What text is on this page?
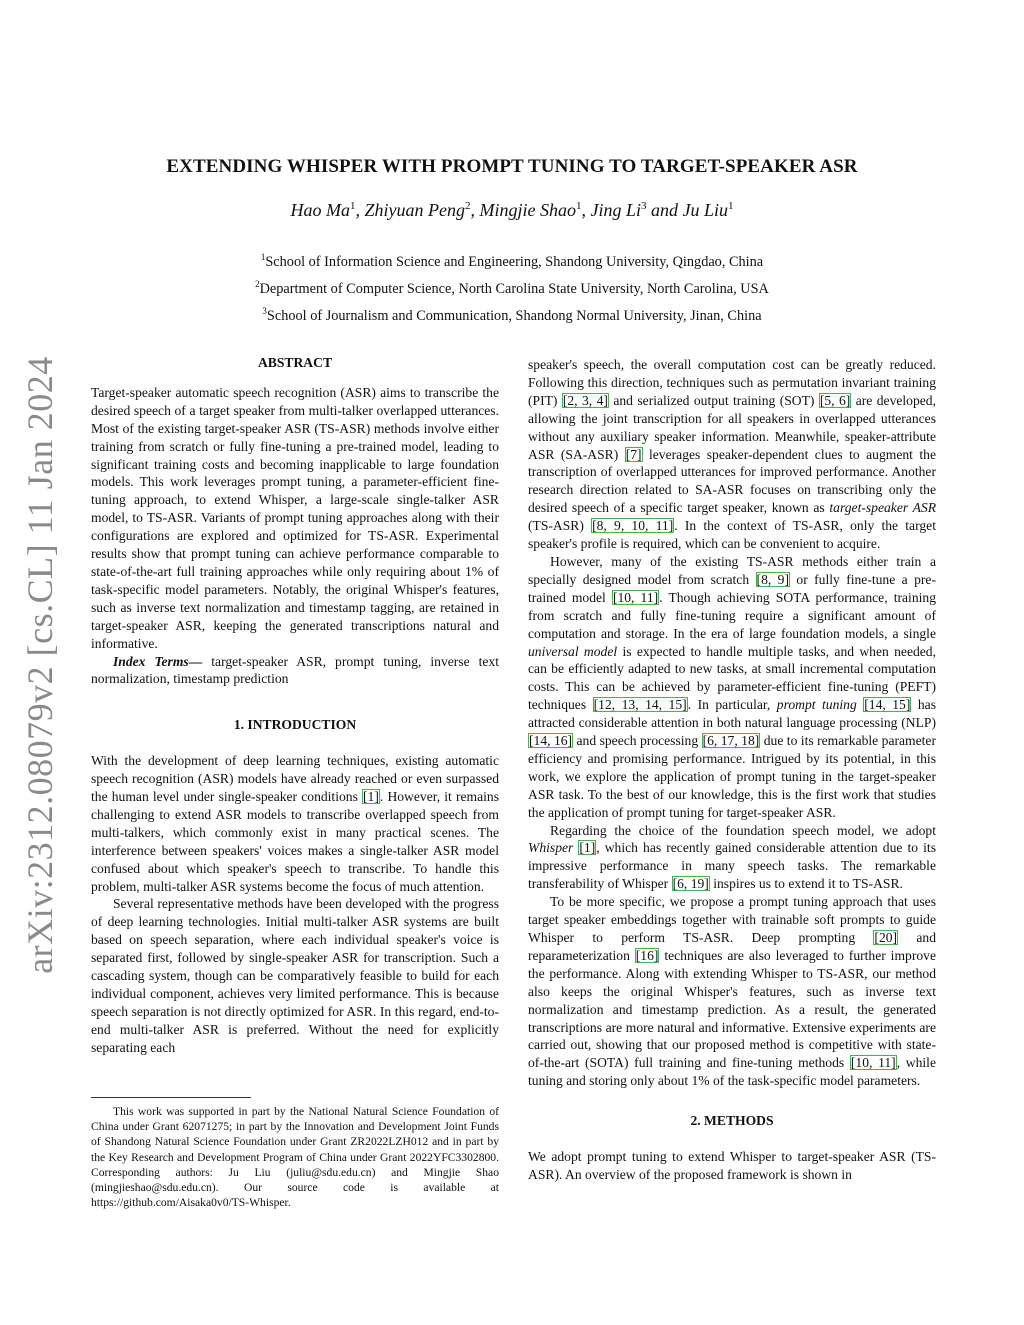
arXiv:2312.08079v2 [cs.CL] 11 Jan 2024
EXTENDING WHISPER WITH PROMPT TUNING TO TARGET-SPEAKER ASR
Hao Ma$^1$, Zhiyuan Peng$^2$, Mingjie Shao$^1$, Jing Li$^3$ and Ju Liu$^1$
$^1$School of Information Science and Engineering, Shandong University, Qingdao, China
$^2$Department of Computer Science, North Carolina State University, North Carolina, USA
$^3$School of Journalism and Communication, Shandong Normal University, Jinan, China
ABSTRACT

Target-speaker automatic speech recognition (ASR) aims to transcribe the desired speech of a target speaker from multi-talker overlapped utterances. Most of the existing target-speaker ASR (TS-ASR) methods involve either training from scratch or fully fine-tuning a pre-trained model, leading to significant training costs and becoming inapplicable to large foundation models. This work leverages prompt tuning, a parameter-efficient fine-tuning approach, to extend Whisper, a large-scale single-talker ASR model, to TS-ASR. Variants of prompt tuning approaches along with their configurations are explored and optimized for TS-ASR. Experimental results show that prompt tuning can achieve performance comparable to state-of-the-art full training approaches while only requiring about 1% of task-specific model parameters. Notably, the original Whisper's features, such as inverse text normalization and timestamp tagging, are retained in target-speaker ASR, keeping the generated transcriptions natural and informative.

Index Terms— target-speaker ASR, prompt tuning, inverse text normalization, timestamp prediction

1. INTRODUCTION

With the development of deep learning techniques, existing automatic speech recognition (ASR) models have already reached or even surpassed the human level under single-speaker conditions [1]. However, it remains challenging to extend ASR models to transcribe overlapped speech from multi-talkers, which commonly exist in many practical scenes. The interference between speakers' voices makes a single-talker ASR model confused about which speaker's speech to transcribe. To handle this problem, multi-talker ASR systems become the focus of much attention.

Several representative methods have been developed with the progress of deep learning technologies. Initial multi-talker ASR systems are built based on speech separation, where each individual speaker's voice is separated first, followed by single-speaker ASR for transcription. Such a cascading system, though can be comparatively feasible to build for each individual component, achieves very limited performance. This is because speech separation is not directly optimized for ASR. In this regard, end-to-end multi-talker ASR is preferred. Without the need for explicitly separating each

This work was supported in part by the National Natural Science Foundation of China under Grant 62071275; in part by the Innovation and Development Joint Funds of Shandong Natural Science Foundation under Grant ZR2022LZH012 and in part by the Key Research and Development Program of China under Grant 2022YFC3302800. Corresponding authors: Ju Liu (juliu@sdu.edu.cn) and Mingjie Shao (mingjieshao@sdu.edu.cn). Our source code is available at https://github.com/Aisaka0v0/TS-Whisper.

speaker's speech, the overall computation cost can be greatly reduced. Following this direction, techniques such as permutation invariant training (PIT) [2, 3, 4] and serialized output training (SOT) [5, 6] are developed, allowing the joint transcription for all speakers in overlapped utterances without any auxiliary speaker information. Meanwhile, speaker-attribute ASR (SA-ASR) [7] leverages speaker-dependent clues to augment the transcription of overlapped utterances for improved performance. Another research direction related to SA-ASR focuses on transcribing only the desired speech of a specific target speaker, known as target-speaker ASR (TS-ASR) [8, 9, 10, 11]. In the context of TS-ASR, only the target speaker's profile is required, which can be convenient to acquire.

However, many of the existing TS-ASR methods either train a specially designed model from scratch [8, 9] or fully fine-tune a pre-trained model [10, 11]. Though achieving SOTA performance, training from scratch and fully fine-tuning require a significant amount of computation and storage. In the era of large foundation models, a single universal model is expected to handle multiple tasks, and when needed, can be efficiently adapted to new tasks, at small incremental computation costs. This can be achieved by parameter-efficient fine-tuning (PEFT) techniques [12, 13, 14, 15]. In particular, prompt tuning [14, 15] has attracted considerable attention in both natural language processing (NLP) [14, 16] and speech processing [6, 17, 18] due to its remarkable parameter efficiency and promising performance. Intrigued by its potential, in this work, we explore the application of prompt tuning in the target-speaker ASR task. To the best of our knowledge, this is the first work that studies the application of prompt tuning for target-speaker ASR.

Regarding the choice of the foundation speech model, we adopt Whisper [1], which has recently gained considerable attention due to its impressive performance in many speech tasks. The remarkable transferability of Whisper [6, 19] inspires us to extend it to TS-ASR.

To be more specific, we propose a prompt tuning approach that uses target speaker embeddings together with trainable soft prompts to guide Whisper to perform TS-ASR. Deep prompting [20] and reparameterization [16] techniques are also leveraged to further improve the performance. Along with extending Whisper to TS-ASR, our method also keeps the original Whisper's features, such as inverse text normalization and timestamp prediction. As a result, the generated transcriptions are more natural and informative. Extensive experiments are carried out, showing that our proposed method is competitive with state-of-the-art (SOTA) full training and fine-tuning methods [10, 11], while tuning and storing only about 1% of the task-specific model parameters.

2. METHODS

We adopt prompt tuning to extend Whisper to target-speaker ASR (TS-ASR). An overview of the proposed framework is shown in
